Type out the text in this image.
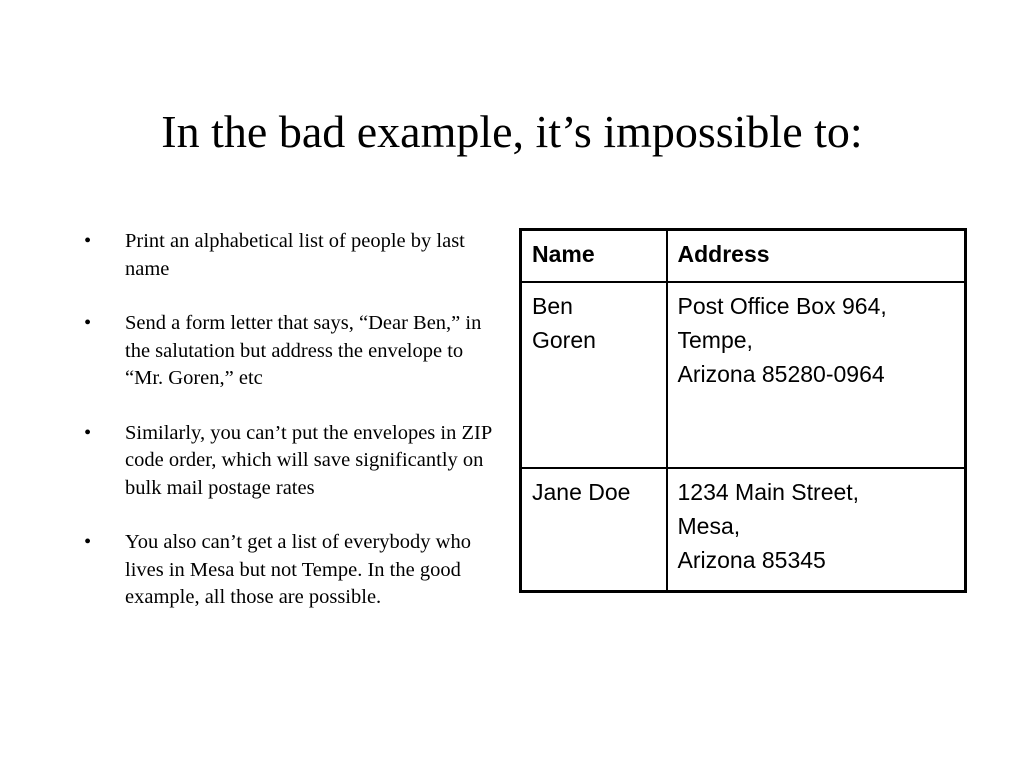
In the bad example, it’s impossible to:
• Print an alphabetical list of people by last name
• Send a form letter that says, “Dear Ben,” in the salutation but address the envelope to “Mr. Goren,” etc
• Similarly, you can’t put the envelopes in ZIP code order, which will save significantly on bulk mail postage rates
• You also can’t get a list of everybody who lives in Mesa but not Tempe. In the good example, all those are possible.
Name	Address

Ben
Goren	Post Office Box 964,
Tempe,
Arizona 85280-0964

Jane Doe	1234 Main Street,
Mesa,
Arizona 85345
